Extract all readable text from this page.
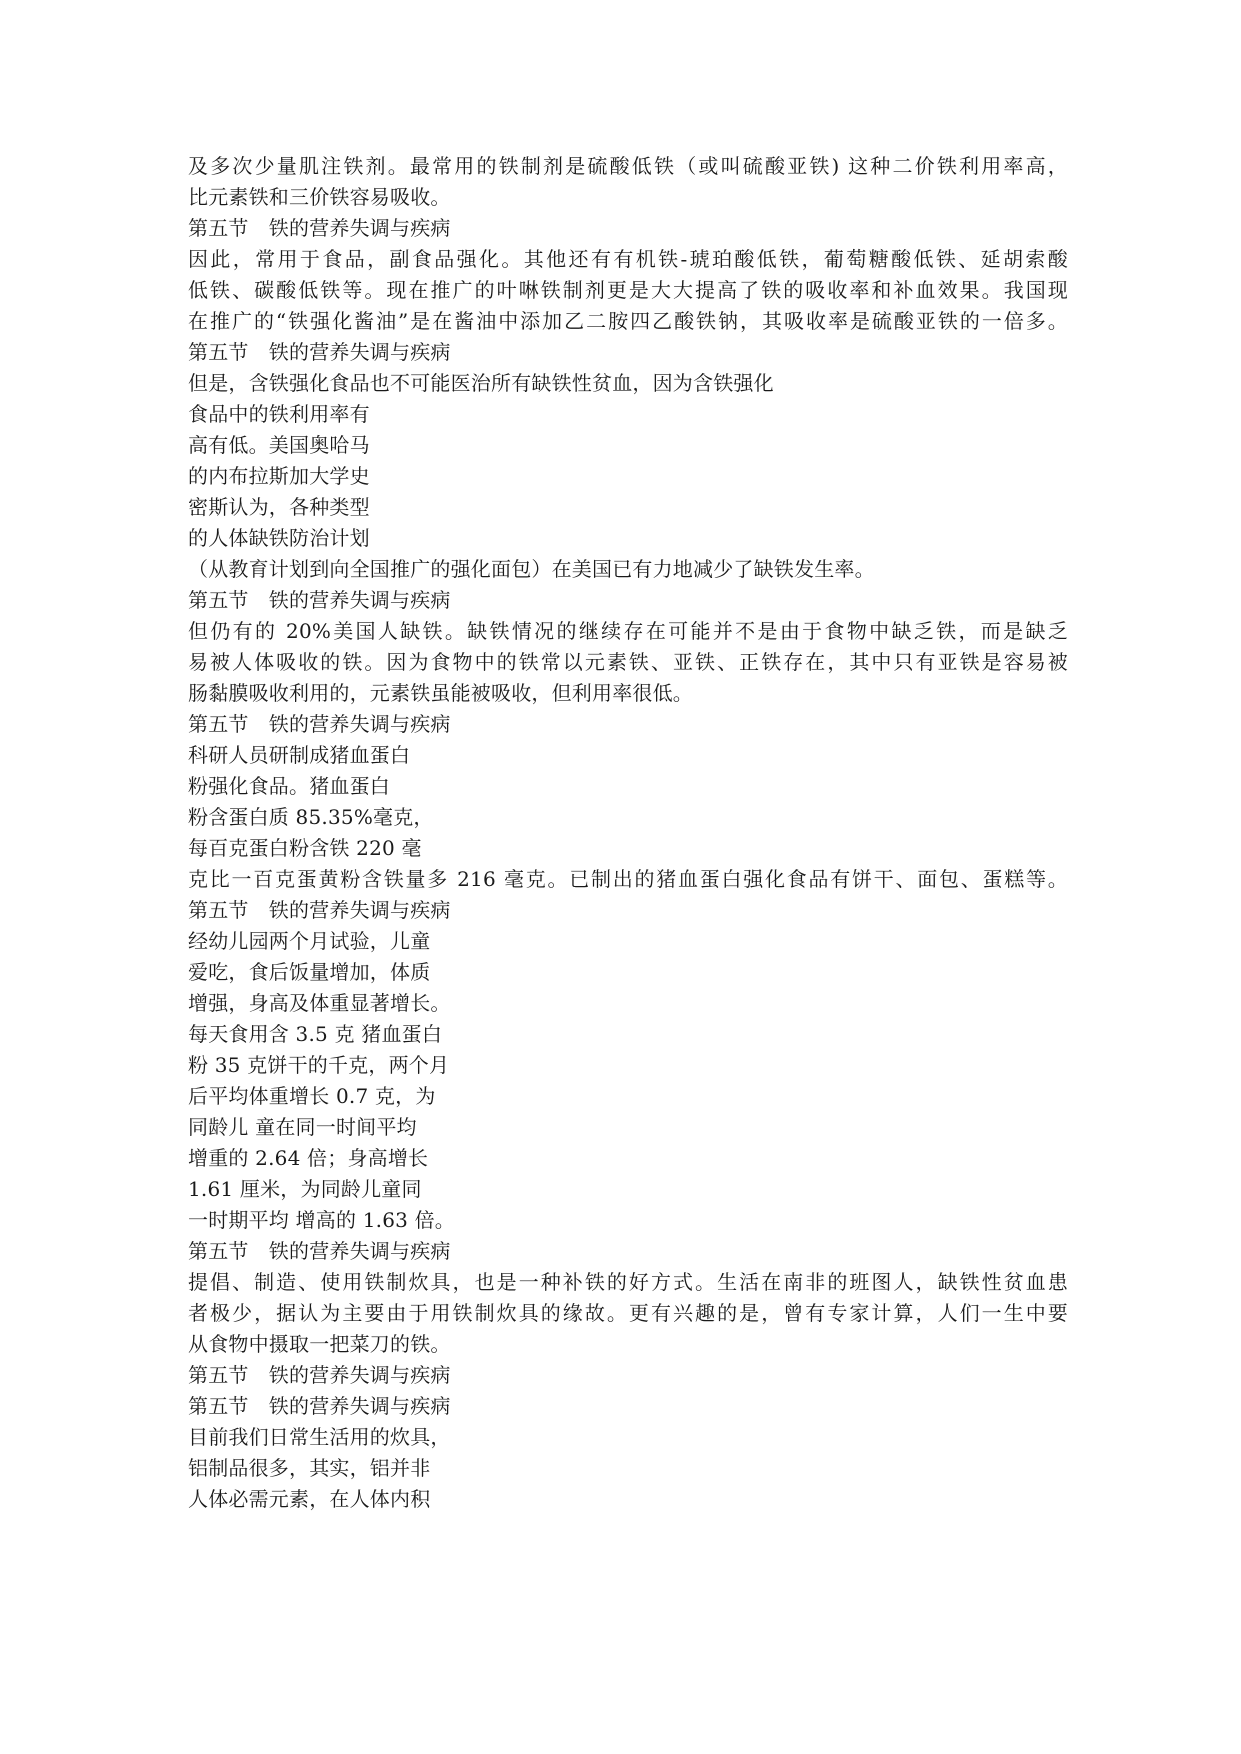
及多次少量肌注铁剂。最常用的铁制剂是硫酸低铁（或叫硫酸亚铁) 这种二价铁利用率高，
比元素铁和三价铁容易吸收。
第五节　铁的营养失调与疾病
因此，常用于食品，副食品强化。其他还有有机铁-琥珀酸低铁，葡萄糖酸低铁、延胡索酸
低铁、碳酸低铁等。现在推广的叶啉铁制剂更是大大提高了铁的吸收率和补血效果。我国现
在推广的“铁强化酱油”是在酱油中添加乙二胺四乙酸铁钠，其吸收率是硫酸亚铁的一倍多。
第五节　铁的营养失调与疾病
但是，含铁强化食品也不可能医治所有缺铁性贫血，因为含铁强化
食品中的铁利用率有
高有低。美国奥哈马
的内布拉斯加大学史
密斯认为，各种类型
的人体缺铁防治计划
（从教育计划到向全国推广的强化面包）在美国已有力地减少了缺铁发生率。
第五节　铁的营养失调与疾病
但仍有的 20%美国人缺铁。缺铁情况的继续存在可能并不是由于食物中缺乏铁，而是缺乏
易被人体吸收的铁。因为食物中的铁常以元素铁、亚铁、正铁存在，其中只有亚铁是容易被
肠黏膜吸收利用的，元素铁虽能被吸收，但利用率很低。
第五节　铁的营养失调与疾病
科研人员研制成猪血蛋白
粉强化食品。猪血蛋白
粉含蛋白质 85.35%毫克，
每百克蛋白粉含铁 220 毫
克比一百克蛋黄粉含铁量多 216 毫克。已制出的猪血蛋白强化食品有饼干、面包、蛋糕等。
第五节　铁的营养失调与疾病
经幼儿园两个月试验，儿童
爱吃，食后饭量增加，体质
增强，身高及体重显著增长。
每天食用含 3.5 克 猪血蛋白
粉 35 克饼干的千克，两个月
后平均体重增长 0.7 克，为
同龄儿 童在同一时间平均
增重的 2.64 倍；身高增长
1.61 厘米，为同龄儿童同
一时期平均 增高的 1.63 倍。
第五节　铁的营养失调与疾病
提倡、制造、使用铁制炊具，也是一种补铁的好方式。生活在南非的班图人，缺铁性贫血患
者极少，据认为主要由于用铁制炊具的缘故。更有兴趣的是，曾有专家计算，人们一生中要
从食物中摄取一把菜刀的铁。
第五节　铁的营养失调与疾病
第五节　铁的营养失调与疾病
目前我们日常生活用的炊具，
铝制品很多，其实，铝并非
人体必需元素，在人体内积
